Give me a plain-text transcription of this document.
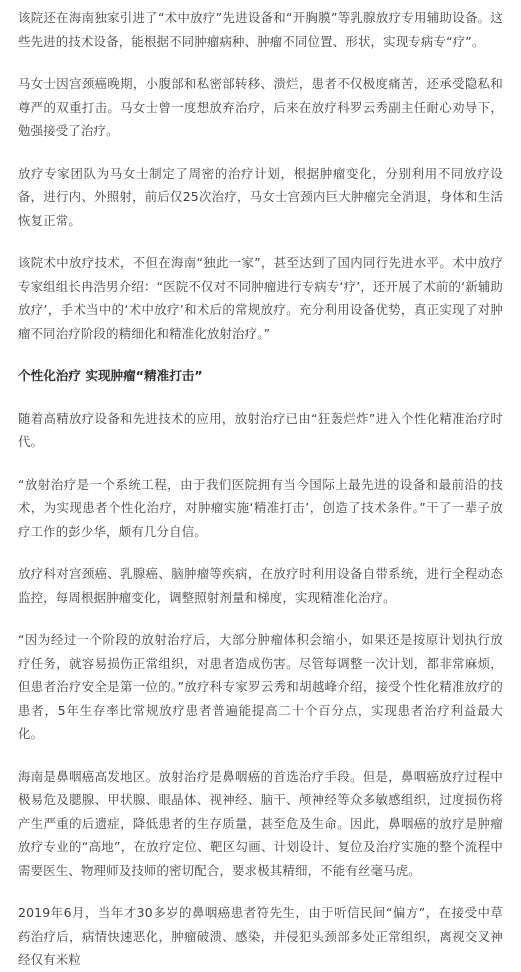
该院还在海南独家引进了“术中放疗”先进设备和“开胸膜”等乳腺放疗专用辅助设备。这些先进的技术设备，能根据不同肿瘤病种、肿瘤不同位置、形状，实现专病专“疗”。

马女士因宫颈癌晚期，小腹部和私密部转移、溃烂，患者不仅极度痛苦，还承受隐私和尊严的双重打击。马女士曾一度想放弃治疗，后来在放疗科罗云秀副主任耐心劝导下，勉强接受了治疗。

放疗专家团队为马女士制定了周密的治疗计划，根据肿瘤变化，分别利用不同放疗设备，进行内、外照射，前后仅25次治疗，马女士宫颈内巨大肿瘤完全消退，身体和生活恢复正常。

该院术中放疗技术，不但在海南“独此一家”，甚至达到了国内同行先进水平。术中放疗专家组组长冉浩男介绍：“医院不仅对不同肿瘤进行专病专‘疗’，还开展了术前的‘新辅助放疗’，手术当中的‘术中放疗’和术后的常规放疗。充分利用设备优势，真正实现了对肿瘤不同治疗阶段的精细化和精准化放射治疗。”

个性化治疗 实现肿瘤“精准打击”

随着高精放疗设备和先进技术的应用，放射治疗已由“狂轰烂炸”进入个性化精准治疗时代。

“放射治疗是一个系统工程，由于我们医院拥有当今国际上最先进的设备和最前沿的技术，为实现患者个性化治疗，对肿瘤实施‘精准打击’，创造了技术条件。”干了一辈子放疗工作的彭少华，颇有几分自信。

放疗科对宫颈癌、乳腺癌、脑肿瘤等疾病，在放疗时利用设备自带系统，进行全程动态监控，每周根据肿瘤变化，调整照射剂量和梯度，实现精准化治疗。

“因为经过一个阶段的放射治疗后，大部分肿瘤体积会缩小，如果还是按原计划执行放疗任务，就容易损伤正常组织，对患者造成伤害。尽管每调整一次计划，都非常麻烦，但患者治疗安全是第一位的。”放疗科专家罗云秀和胡越峰介绍，接受个性化精准放疗的患者，5年生存率比常规放疗患者普遍能提高二十个百分点，实现患者治疗利益最大化。

海南是鼻咽癌高发地区。放射治疗是鼻咽癌的首选治疗手段。但是，鼻咽癌放疗过程中极易危及腮腺、甲状腺、眼晶体、视神经、脑干、颅神经等众多敏感组织，过度损伤将产生严重的后遗症，降低患者的生存质量，甚至危及生命。因此，鼻咽癌的放疗是肿瘤放疗专业的“高地”，在放疗定位、靶区勾画、计划设计、复位及治疗实施的整个流程中需要医生、物理师及技师的密切配合，要求极其精细，不能有丝毫马虎。

2019年6月，当年才30多岁的鼻咽癌患者符先生，由于听信民间“偏方”，在接受中草药治疗后，病情快速恶化，肿瘤破溃、感染，并侵犯头颈部多处正常组织，离视交叉神经仅有米粒
